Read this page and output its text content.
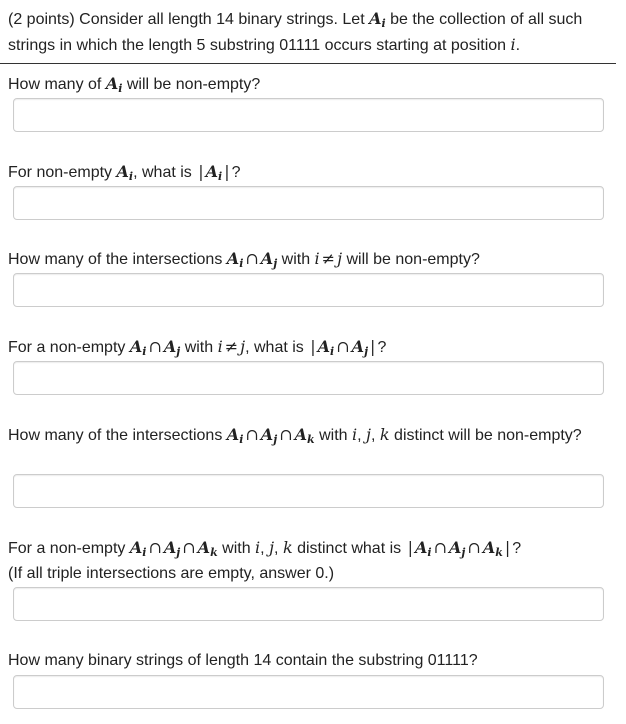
(2 points) Consider all length 14 binary strings. Let $A_i$ be the collection of all such strings in which the length 5 substring 01111 occurs starting at position i.
How many of $A_i$ will be non-empty?
For non-empty $A_i$, what is | $A_i$ | ?
How many of the intersections $A_i$ ∩ $A_j$ with i ≠ j will be non-empty?
For a non-empty $A_i$ ∩ $A_j$ with i ≠ j, what is | $A_i$ ∩ $A_j$ | ?
How many of the intersections $A_i$ ∩ $A_j$ ∩ $A_k$ with i, j, k distinct will be non-empty?
For a non-empty $A_i$ ∩ $A_j$ ∩ $A_k$ with i, j, k distinct what is | $A_i$ ∩ $A_j$ ∩ $A_k$ | ?
(If all triple intersections are empty, answer 0.)
How many binary strings of length 14 contain the substring 01111?
